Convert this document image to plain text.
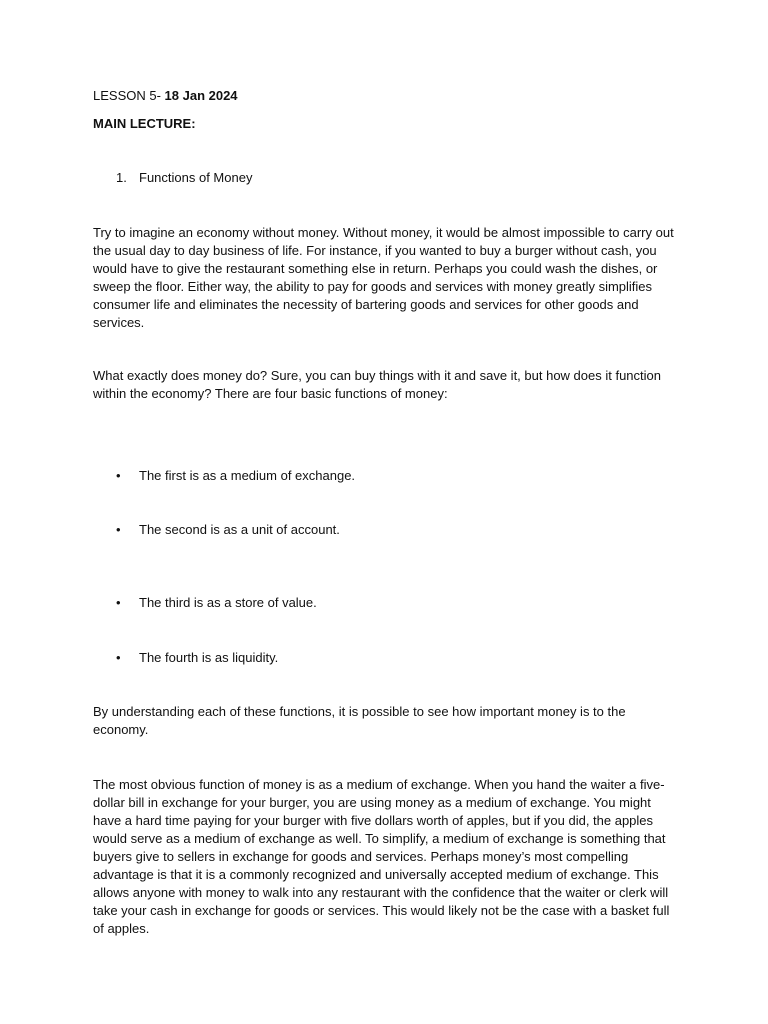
LESSON 5- 18 Jan 2024
MAIN LECTURE:
1. Functions of Money

Try to imagine an economy without money. Without money, it would be almost impossible to carry out the usual day to day business of life. For instance, if you wanted to buy a burger without cash, you would have to give the restaurant something else in return. Perhaps you could wash the dishes, or sweep the floor. Either way, the ability to pay for goods and services with money greatly simplifies consumer life and eliminates the necessity of bartering goods and services for other goods and services.

What exactly does money do? Sure, you can buy things with it and save it, but how does it function within the economy? There are four basic functions of money:

• The first is as a medium of exchange.
• The second is as a unit of account.
• The third is as a store of value.
• The fourth is as liquidity.

By understanding each of these functions, it is possible to see how important money is to the economy.

The most obvious function of money is as a medium of exchange. When you hand the waiter a five-dollar bill in exchange for your burger, you are using money as a medium of exchange. You might have a hard time paying for your burger with five dollars worth of apples, but if you did, the apples would serve as a medium of exchange as well. To simplify, a medium of exchange is something that buyers give to sellers in exchange for goods and services. Perhaps money’s most compelling advantage is that it is a commonly recognized and universally accepted medium of exchange. This allows anyone with money to walk into any restaurant with the confidence that the waiter or clerk will take your cash in exchange for goods or services. This would likely not be the case with a basket full of apples.
